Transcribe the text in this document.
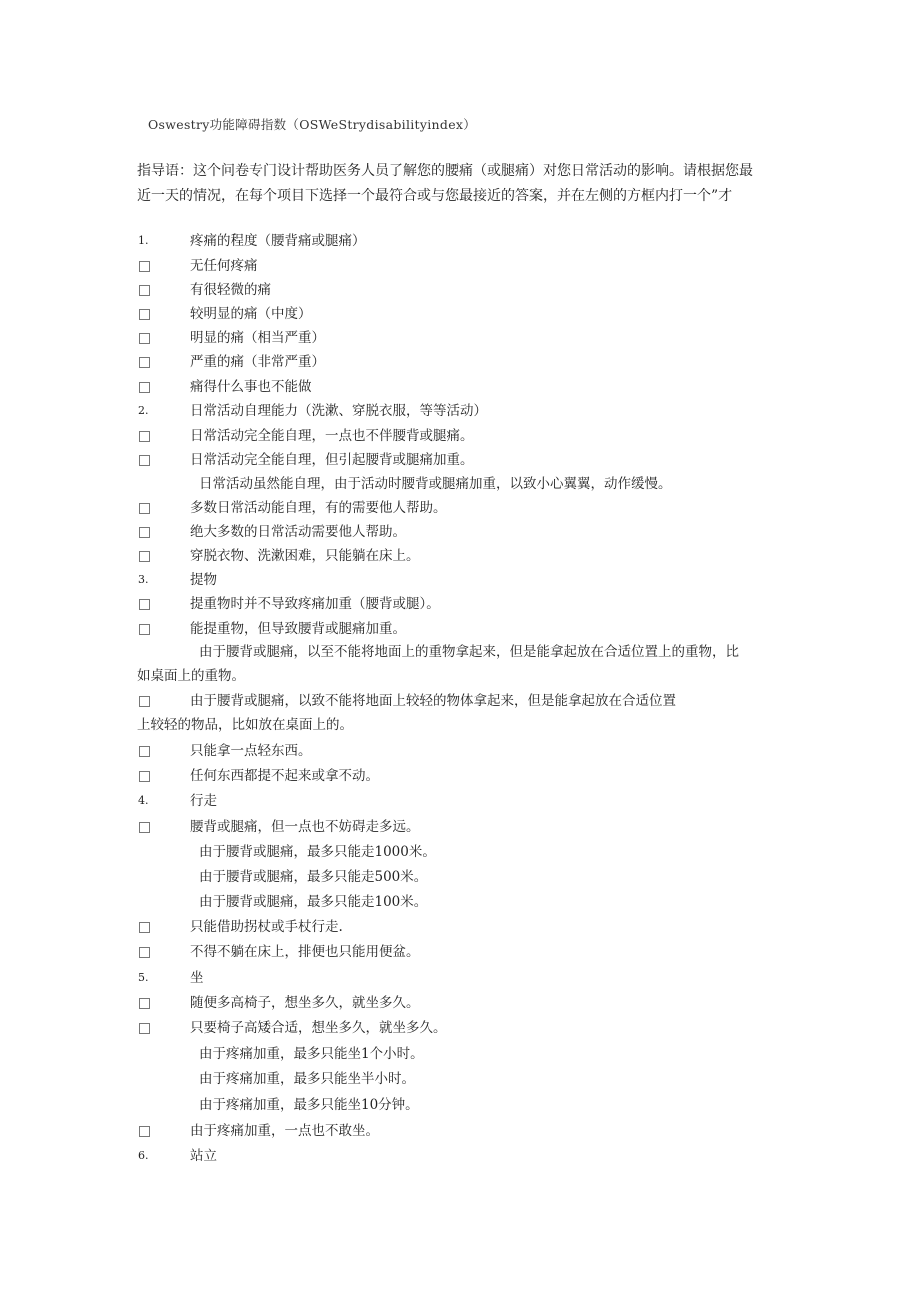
Oswestry功能障碍指数（OSWeStrydisabilityindex）

指导语：这个问卷专门设计帮助医务人员了解您的腰痛（或腿痛）对您日常活动的影响。请根据您最

近一天的情况，在每个项目下选择一个最符合或与您最接近的答案，并在左侧的方框内打一个”才

1.	疼痛的程度（腰背痛或腿痛）
无任何疼痛
有很轻微的痛
较明显的痛（中度）
明显的痛（相当严重）
严重的痛（非常严重）
痛得什么事也不能做
2.	日常活动自理能力（洗漱、穿脱衣服，等等活动）
日常活动完全能自理，一点也不伴腰背或腿痛。
日常活动完全能自理，但引起腰背或腿痛加重。
日常活动虽然能自理，由于活动时腰背或腿痛加重，以致小心翼翼，动作缓慢。
多数日常活动能自理，有的需要他人帮助。
绝大多数的日常活动需要他人帮助。
穿脱衣物、洗漱困难，只能躺在床上。
3.	提物
提重物时并不导致疼痛加重（腰背或腿）。
能提重物，但导致腰背或腿痛加重。
由于腰背或腿痛，以至不能将地面上的重物拿起来，但是能拿起放在合适位置上的重物，比
如桌面上的重物。
由于腰背或腿痛，以致不能将地面上较轻的物体拿起来，但是能拿起放在合适位置
上较轻的物品，比如放在桌面上的。
只能拿一点轻东西。
任何东西都提不起来或拿不动。
4.	行走
腰背或腿痛，但一点也不妨碍走多远。
由于腰背或腿痛，最多只能走1000米。
由于腰背或腿痛，最多只能走500米。
由于腰背或腿痛，最多只能走100米。
只能借助拐杖或手杖行走.
不得不躺在床上，排便也只能用便盆。
5.	坐
随便多高椅子，想坐多久，就坐多久。
只要椅子高矮合适，想坐多久，就坐多久。
由于疼痛加重，最多只能坐1个小时。
由于疼痛加重，最多只能坐半小时。
由于疼痛加重，最多只能坐10分钟。
由于疼痛加重，一点也不敢坐。
6.	站立
